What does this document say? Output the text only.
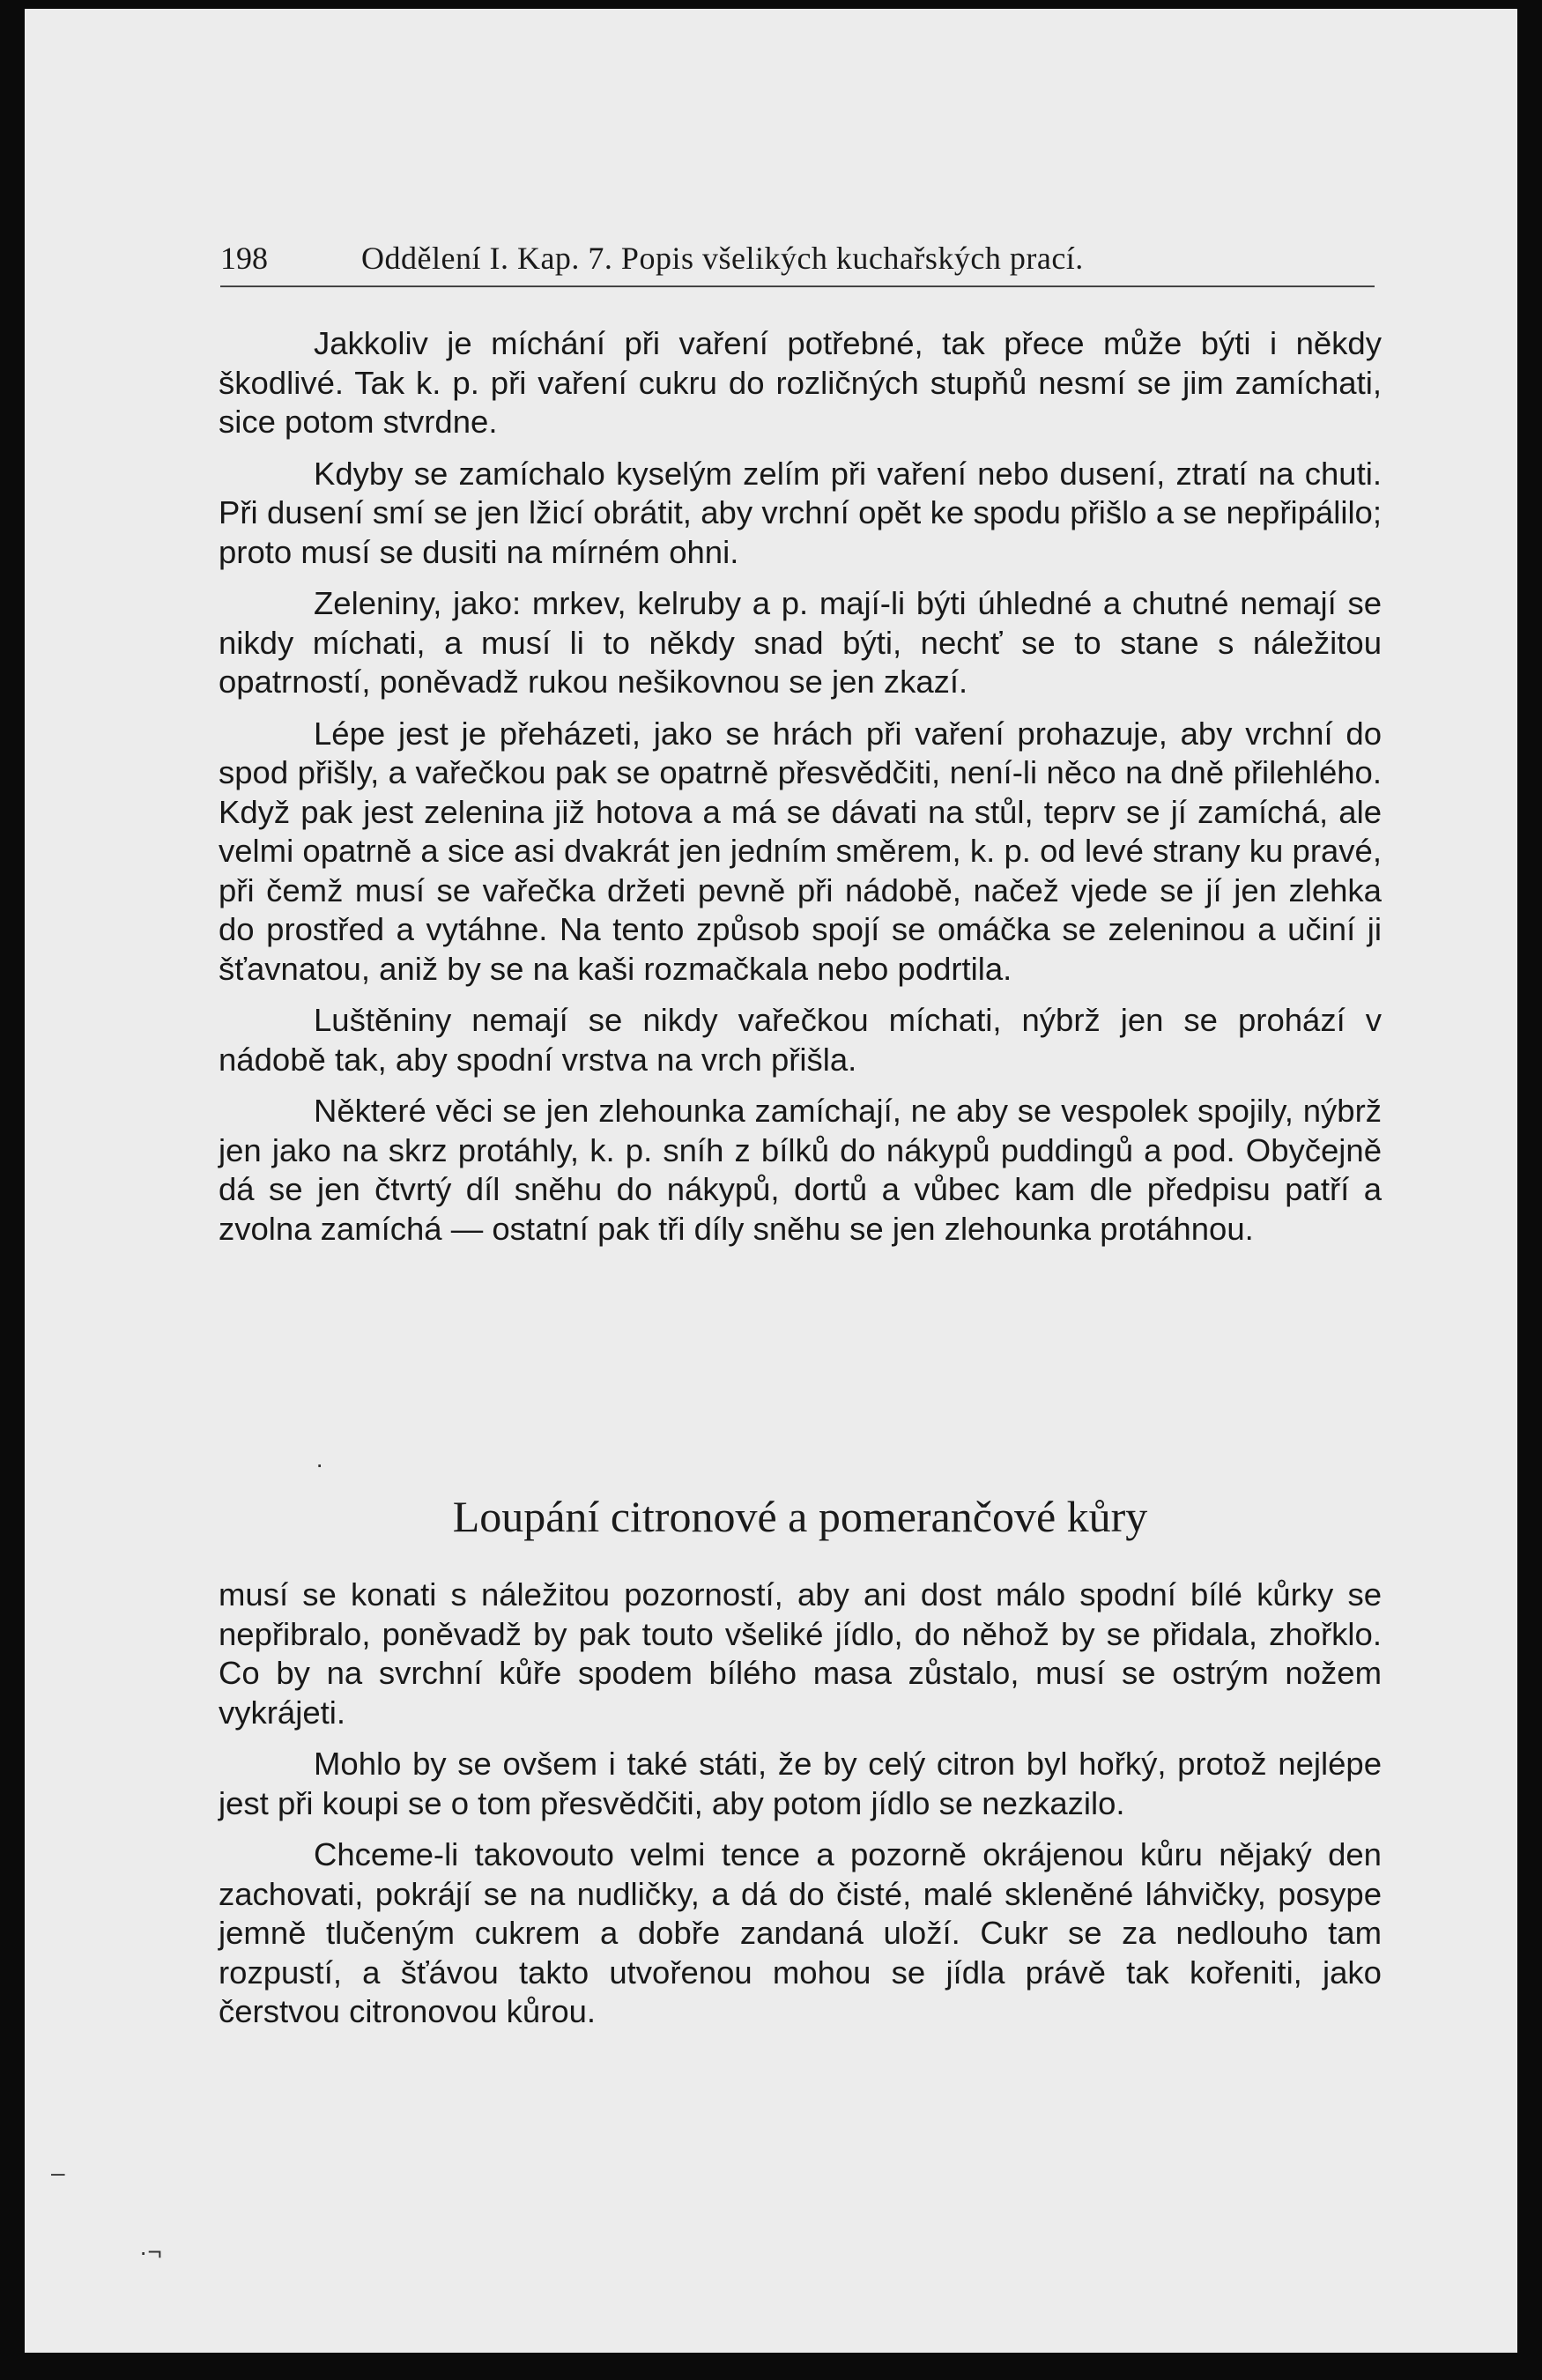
198	Oddělení I. Kap. 7. Popis všelikých kuchařských prací.

Jakkoliv je míchání při vaření potřebné, tak přece může býti i někdy škodlivé. Tak k. p. při vaření cukru do rozličných stupňů nesmí se jim zamíchati, sice potom stvrdne.

Kdyby se zamíchalo kyselým zelím při vaření nebo dusení, ztratí na chuti. Při dusení smí se jen lžicí obrátit, aby vrchní opět ke spodu přišlo a se nepřipálilo; proto musí se dusiti na mírném ohni.

Zeleniny, jako: mrkev, kelruby a p. mají-li býti úhledné a chutné nemají se nikdy míchati, a musí li to někdy snad býti, nechť se to stane s náležitou opatrností, poněvadž rukou nešikovnou se jen zkazí.

Lépe jest je přeházeti, jako se hrách při vaření prohazuje, aby vrchní do spod přišly, a vařečkou pak se opatrně přesvědčiti, není-li něco na dně přilehlého. Když pak jest zelenina již hotova a má se dávati na stůl, teprv se jí zamíchá, ale velmi opatrně a sice asi dvakrát jen jedním směrem, k. p. od levé strany ku pravé, při čemž musí se vařečka držeti pevně při nádobě, načež vjede se jí jen zlehka do prostřed a vytáhne. Na tento způsob spojí se omáčka se zeleninou a učiní ji šťavnatou, aniž by se na kaši rozmačkala nebo podrtila.

Luštěniny nemají se nikdy vařečkou míchati, nýbrž jen se prohází v nádobě tak, aby spodní vrstva na vrch přišla.

Některé věci se jen zlehounka zamíchají, ne aby se vespolek spojily, nýbrž jen jako na skrz protáhly, k. p. sníh z bílků do nákypů puddingů a pod. Obyčejně dá se jen čtvrtý díl sněhu do nákypů, dortů a vůbec kam dle předpisu patří a zvolna zamíchá — ostatní pak tři díly sněhu se jen zlehounka protáhnou.

Loupání citronové a pomerančové kůry

musí se konati s náležitou pozorností, aby ani dost málo spodní bílé kůrky se nepřibralo, poněvadž by pak touto všeliké jídlo, do něhož by se přidala, zhořklo. Co by na svrchní kůře spodem bílého masa zůstalo, musí se ostrým nožem vykrájeti.

Mohlo by se ovšem i také státi, že by celý citron byl hořký, protož nejlépe jest při koupi se o tom přesvědčiti, aby potom jídlo se nezkazilo.

Chceme-li takovouto velmi tence a pozorně okrájenou kůru nějaký den zachovati, pokrájí se na nudličky, a dá do čisté, malé skleněné láhvičky, posype jemně tlučeným cukrem a dobře zandaná uloží. Cukr se za nedlouho tam rozpustí, a šťávou takto utvořenou mohou se jídla právě tak kořeniti, jako čerstvou citronovou kůrou.

·
–
·¬
